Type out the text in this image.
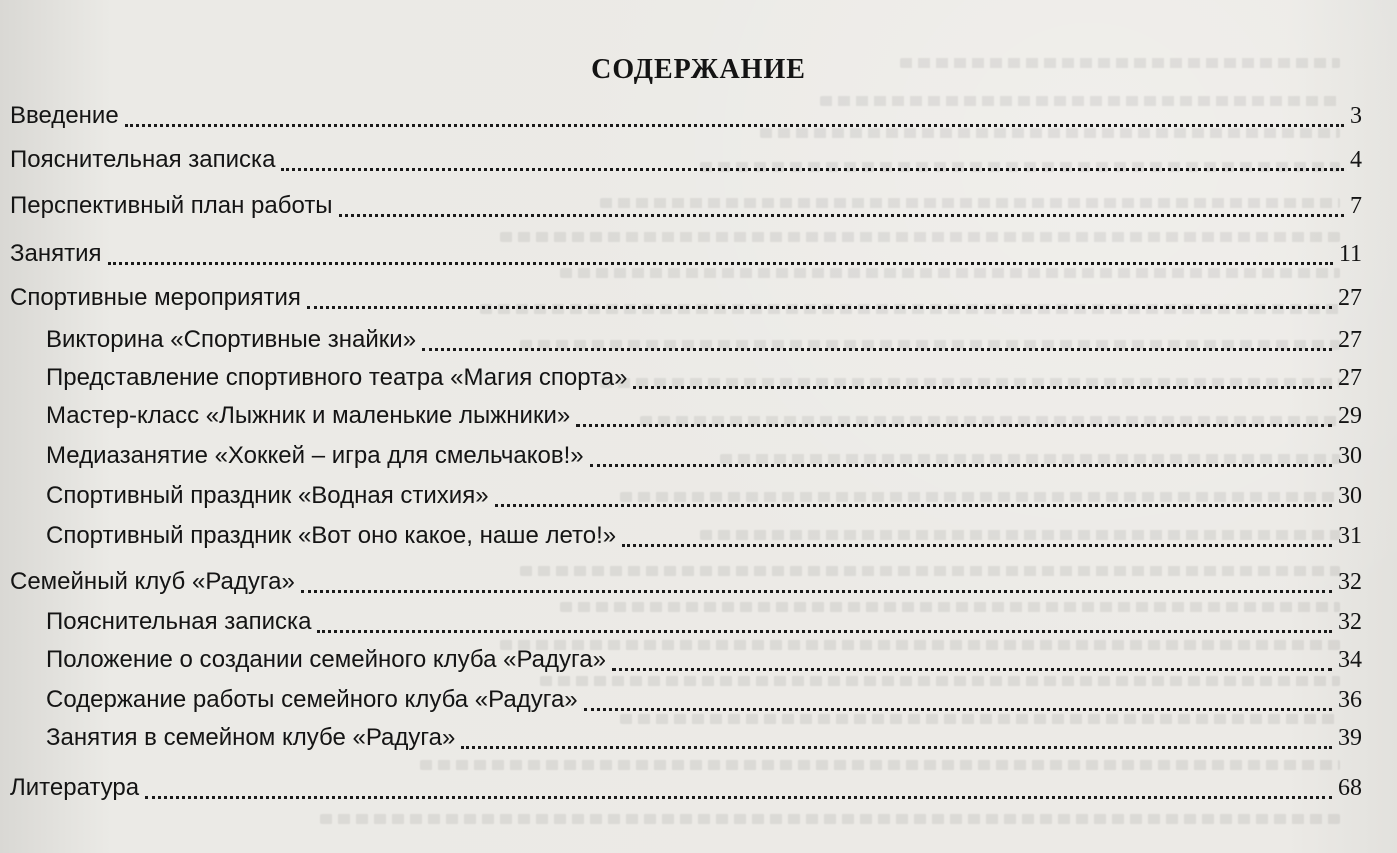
СОДЕРЖАНИЕ
Введение	3
Пояснительная записка	4
Перспективный план работы	7
Занятия	11
Спортивные мероприятия	27
Викторина «Спортивные знайки»	27
Представление спортивного театра «Магия спорта»	27
Мастер-класс «Лыжник и маленькие лыжники»	29
Медиазанятие «Хоккей – игра для смельчаков!»	30
Спортивный праздник «Водная стихия»	30
Спортивный праздник «Вот оно какое, наше лето!»	31
Семейный клуб «Радуга»	32
Пояснительная записка	32
Положение о создании семейного клуба «Радуга»	34
Содержание работы семейного клуба «Радуга»	36
Занятия в семейном клубе «Радуга»	39
Литература	68
